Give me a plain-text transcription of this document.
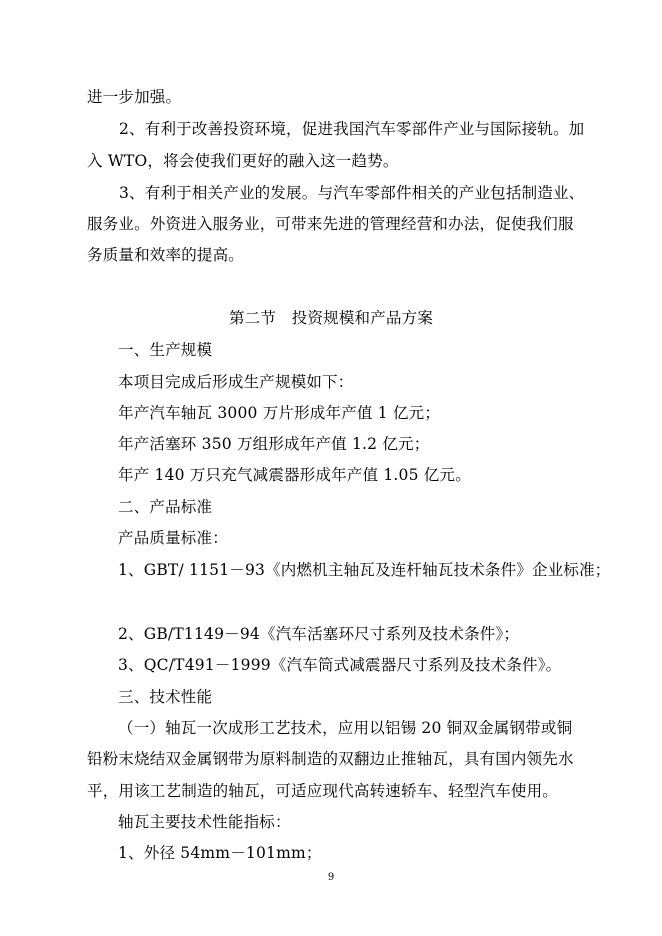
进一步加强。
2、有利于改善投资环境，促进我国汽车零部件产业与国际接轨。加
入 WTO，将会使我们更好的融入这一趋势。
3、有利于相关产业的发展。与汽车零部件相关的产业包括制造业、
服务业。外资进入服务业，可带来先进的管理经营和办法，促使我们服
务质量和效率的提高。
第二节　投资规模和产品方案
一、生产规模
本项目完成后形成生产规模如下：
年产汽车轴瓦 3000 万片形成年产值 1 亿元；
年产活塞环 350 万组形成年产值 1.2 亿元；
年产 140 万只充气减震器形成年产值 1.05 亿元。
二、产品标准
产品质量标准：
1、GBT/ 1151－93《内燃机主轴瓦及连杆轴瓦技术条件》企业标准；
2、GB/T1149－94《汽车活塞环尺寸系列及技术条件》；
3、QC/T491－1999《汽车筒式减震器尺寸系列及技术条件》。
三、技术性能
（一）轴瓦一次成形工艺技术，应用以铝锡 20 铜双金属钢带或铜
铅粉末烧结双金属钢带为原料制造的双翻边止推轴瓦，具有国内领先水
平，用该工艺制造的轴瓦，可适应现代高转速轿车、轻型汽车使用。
轴瓦主要技术性能指标：
1、外径 54mm－101mm；
9
